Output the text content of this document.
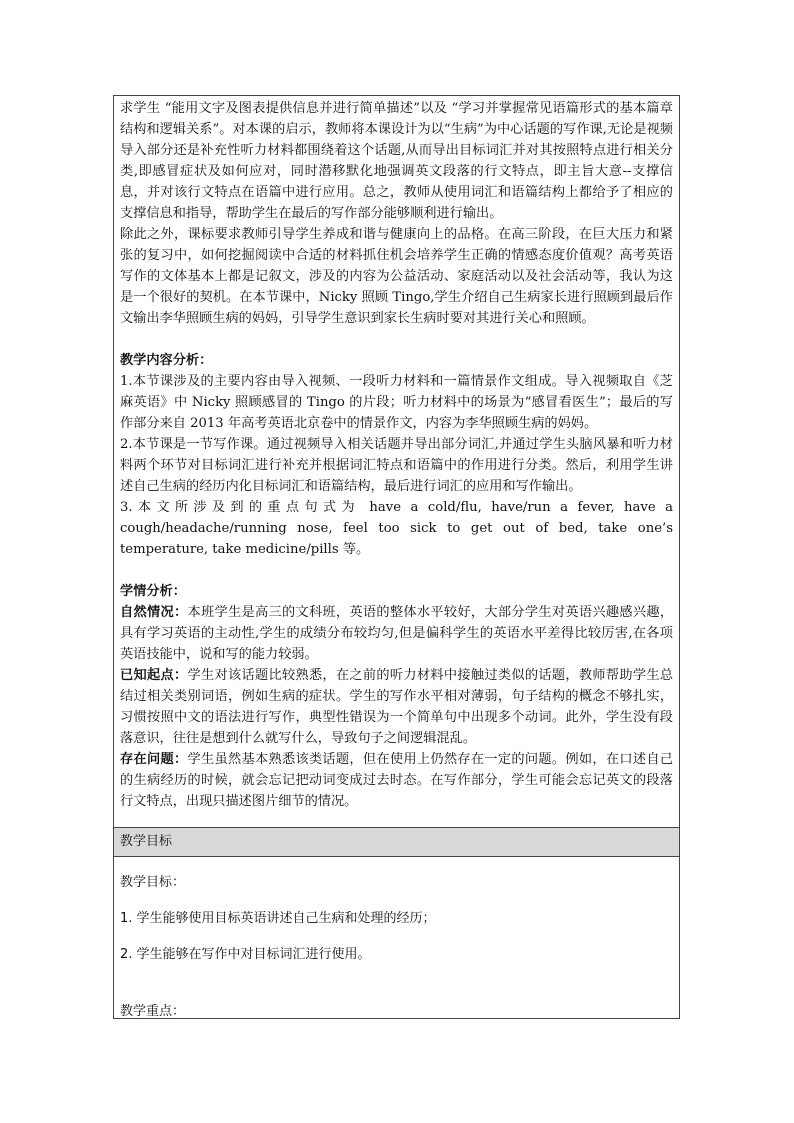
求学生 “能用文字及图表提供信息并进行简单描述”以及 “学习并掌握常见语篇形式的基本篇章结构和逻辑关系”。对本课的启示，教师将本课设计为以“生病”为中心话题的写作课,无论是视频导入部分还是补充性听力材料都围绕着这个话题,从而导出目标词汇并对其按照特点进行相关分类,即感冒症状及如何应对，同时潜移默化地强调英文段落的行文特点，即主旨大意--支撑信息，并对该行文特点在语篇中进行应用。总之，教师从使用词汇和语篇结构上都给予了相应的支撑信息和指导，帮助学生在最后的写作部分能够顺利进行输出。

除此之外，课标要求教师引导学生养成和谐与健康向上的品格。在高三阶段，在巨大压力和紧张的复习中，如何挖掘阅读中合适的材料抓住机会培养学生正确的情感态度价值观？高考英语写作的文体基本上都是记叙文，涉及的内容为公益活动、家庭活动以及社会活动等，我认为这是一个很好的契机。在本节课中，Nicky 照顾 Tingo,学生介绍自己生病家长进行照顾到最后作文输出李华照顾生病的妈妈，引导学生意识到家长生病时要对其进行关心和照顾。

教学内容分析：

1.本节课涉及的主要内容由导入视频、一段听力材料和一篇情景作文组成。导入视频取自《芝麻英语》中 Nicky 照顾感冒的 Tingo 的片段；听力材料中的场景为“感冒看医生”；最后的写作部分来自 2013 年高考英语北京卷中的情景作文，内容为李华照顾生病的妈妈。

2.本节课是一节写作课。通过视频导入相关话题并导出部分词汇,并通过学生头脑风暴和听力材料两个环节对目标词汇进行补充并根据词汇特点和语篇中的作用进行分类。然后，利用学生讲述自己生病的经历内化目标词汇和语篇结构，最后进行词汇的应用和写作输出。

3.本文所涉及到的重点句式为 have a cold/flu, have/run a fever, have a cough/headache/running nose, feel too sick to get out of bed, take one’s temperature, take medicine/pills 等。

学情分析：

自然情况：本班学生是高三的文科班，英语的整体水平较好，大部分学生对英语兴趣感兴趣，具有学习英语的主动性,学生的成绩分布较均匀,但是偏科学生的英语水平差得比较厉害,在各项英语技能中，说和写的能力较弱。

已知起点：学生对该话题比较熟悉，在之前的听力材料中接触过类似的话题，教师帮助学生总结过相关类别词语，例如生病的症状。学生的写作水平相对薄弱，句子结构的概念不够扎实，习惯按照中文的语法进行写作，典型性错误为一个简单句中出现多个动词。此外，学生没有段落意识，往往是想到什么就写什么，导致句子之间逻辑混乱。

存在问题：学生虽然基本熟悉该类话题，但在使用上仍然存在一定的问题。例如，在口述自己的生病经历的时候，就会忘记把动词变成过去时态。在写作部分，学生可能会忘记英文的段落行文特点，出现只描述图片细节的情况。

教学目标
教学目标：
1. 学生能够使用目标英语讲述自己生病和处理的经历；
2. 学生能够在写作中对目标词汇进行使用。
教学重点：
